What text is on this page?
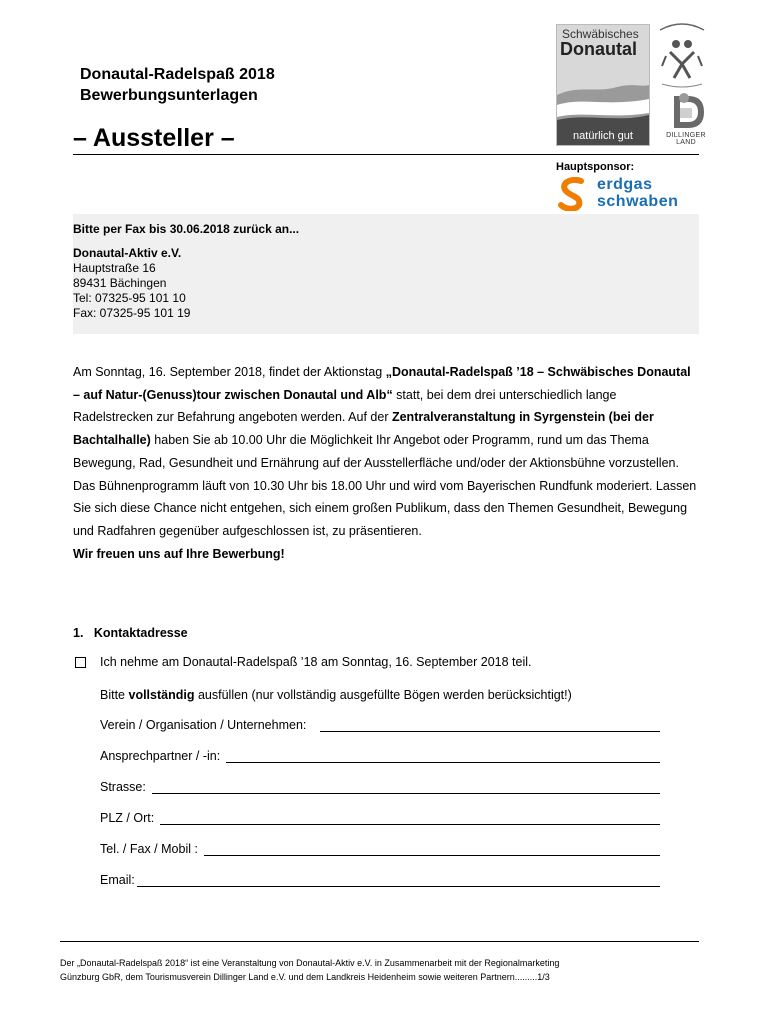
Donautal-Radelspaß 2018
Bewerbungsunterlagen
– Aussteller –
Schwäbisches
Donautal
natürlich gut	DILLINGER LAND
Hauptsponsor:
erdgas
schwaben
Bitte per Fax bis 30.06.2018 zurück an...
Donautal-Aktiv e.V.
Hauptstraße 16
89431 Bächingen
Tel: 07325-95 101 10
Fax: 07325-95 101 19
Am Sonntag, 16. September 2018, findet der Aktionstag „Donautal-Radelspaß ’18 – Schwäbisches Donautal – auf Natur-(Genuss)tour zwischen Donautal und Alb“ statt, bei dem drei unterschiedlich lange Radelstrecken zur Befahrung angeboten werden. Auf der Zentralveranstaltung in Syrgenstein (bei der Bachtalhalle) haben Sie ab 10.00 Uhr die Möglichkeit Ihr Angebot oder Programm, rund um das Thema Bewegung, Rad, Gesundheit und Ernährung auf der Ausstellerfläche und/oder der Aktionsbühne vorzustellen. Das Bühnenprogramm läuft von 10.30 Uhr bis 18.00 Uhr und wird vom Bayerischen Rundfunk moderiert. Lassen Sie sich diese Chance nicht entgehen, sich einem großen Publikum, dass den Themen Gesundheit, Bewegung und Radfahren gegenüber aufgeschlossen ist, zu präsentieren.
Wir freuen uns auf Ihre Bewerbung!
1.   Kontaktadresse
Ich nehme am Donautal-Radelspaß ’18 am Sonntag, 16. September 2018 teil.
Bitte vollständig ausfüllen (nur vollständig ausgefüllte Bögen werden berücksichtigt!)
Verein / Organisation / Unternehmen:
Ansprechpartner / -in:
Strasse:
PLZ / Ort:
Tel. / Fax / Mobil :
Email:
Der „Donautal-Radelspaß 2018“ ist eine Veranstaltung von Donautal-Aktiv e.V. in Zusammenarbeit mit der Regionalmarketing
Günzburg GbR, dem Tourismusverein Dillinger Land e.V. und dem Landkreis Heidenheim sowie weiteren Partnern.........1/3
